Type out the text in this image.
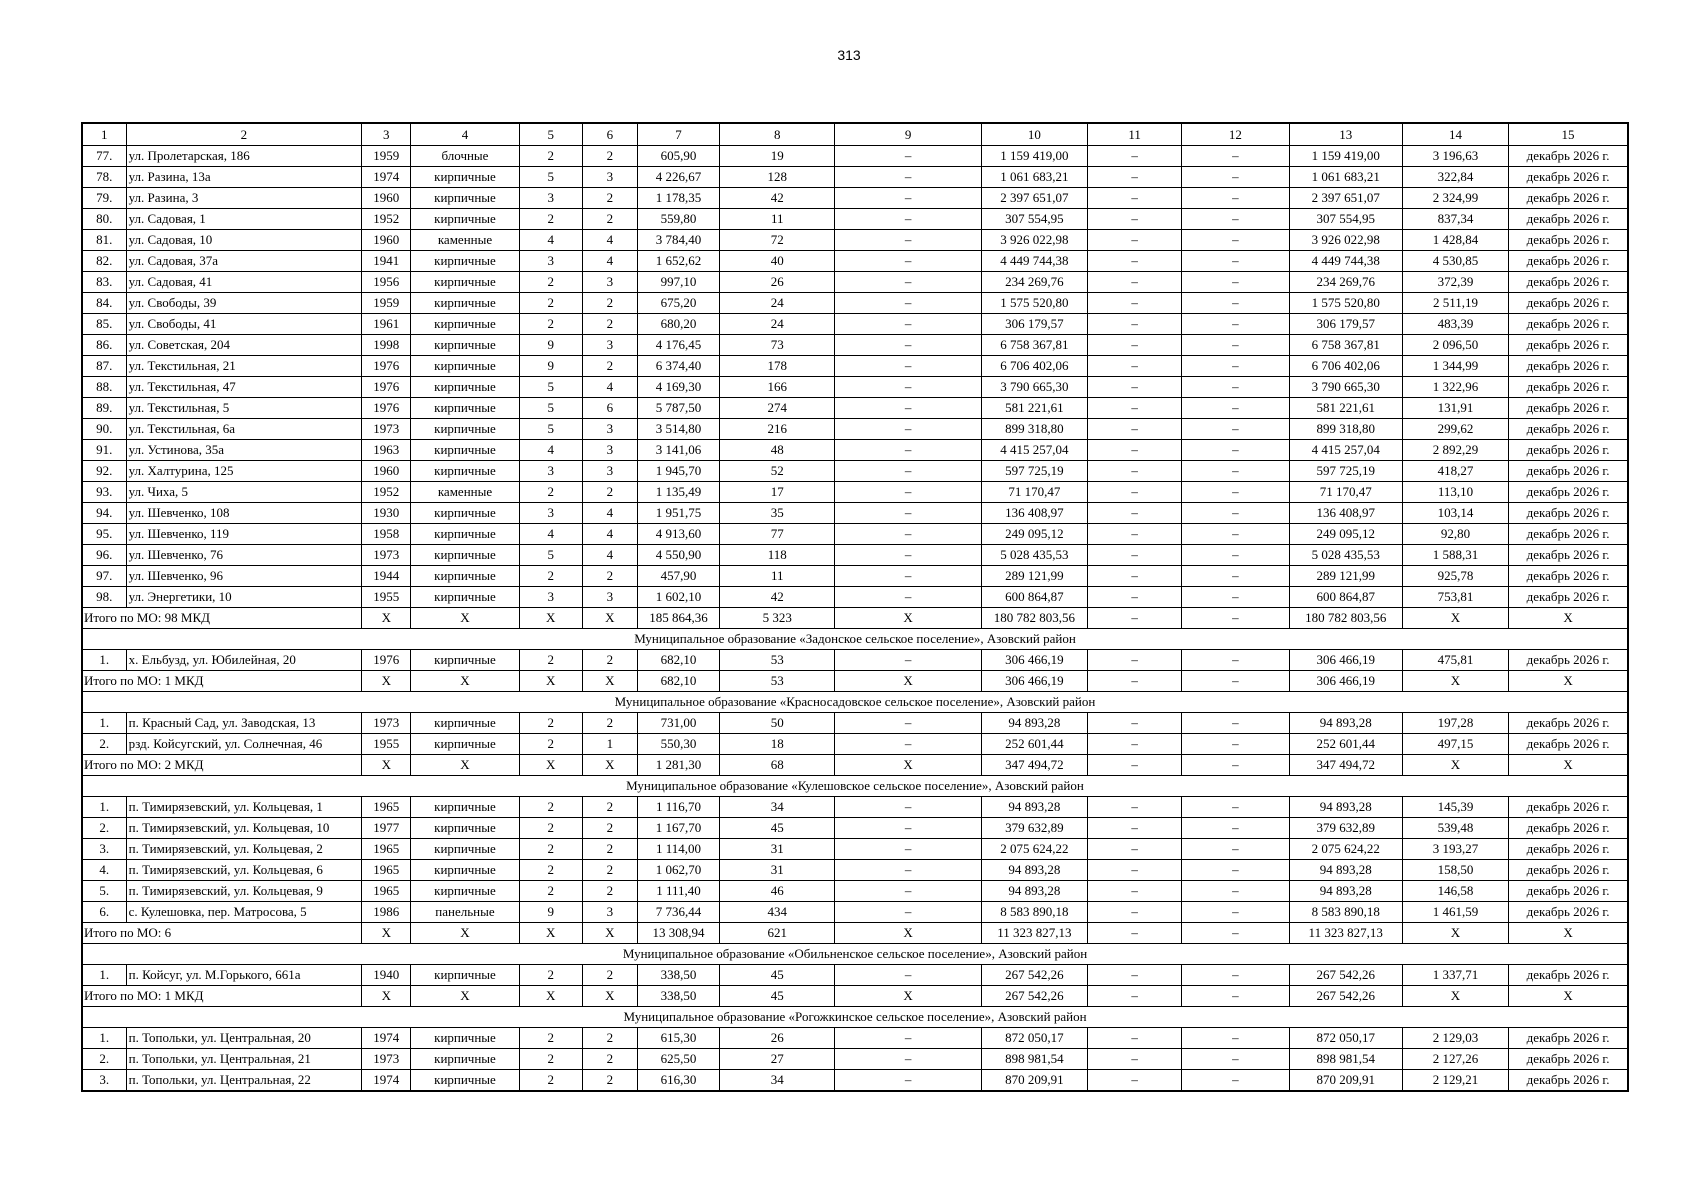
313
1	2	3	4	5	6	7	8	9	10	11	12	13	14	15
77.	ул. Пролетарская, 186	1959	блочные	2	2	605,90	19	–	1 159 419,00	–	–	1 159 419,00	3 196,63	декабрь 2026 г.
78.	ул. Разина, 13а	1974	кирпичные	5	3	4 226,67	128	–	1 061 683,21	–	–	1 061 683,21	322,84	декабрь 2026 г.
79.	ул. Разина, 3	1960	кирпичные	3	2	1 178,35	42	–	2 397 651,07	–	–	2 397 651,07	2 324,99	декабрь 2026 г.
80.	ул. Садовая, 1	1952	кирпичные	2	2	559,80	11	–	307 554,95	–	–	307 554,95	837,34	декабрь 2026 г.
81.	ул. Садовая, 10	1960	каменные	4	4	3 784,40	72	–	3 926 022,98	–	–	3 926 022,98	1 428,84	декабрь 2026 г.
82.	ул. Садовая, 37а	1941	кирпичные	3	4	1 652,62	40	–	4 449 744,38	–	–	4 449 744,38	4 530,85	декабрь 2026 г.
83.	ул. Садовая, 41	1956	кирпичные	2	3	997,10	26	–	234 269,76	–	–	234 269,76	372,39	декабрь 2026 г.
84.	ул. Свободы, 39	1959	кирпичные	2	2	675,20	24	–	1 575 520,80	–	–	1 575 520,80	2 511,19	декабрь 2026 г.
85.	ул. Свободы, 41	1961	кирпичные	2	2	680,20	24	–	306 179,57	–	–	306 179,57	483,39	декабрь 2026 г.
86.	ул. Советская, 204	1998	кирпичные	9	3	4 176,45	73	–	6 758 367,81	–	–	6 758 367,81	2 096,50	декабрь 2026 г.
87.	ул. Текстильная, 21	1976	кирпичные	9	2	6 374,40	178	–	6 706 402,06	–	–	6 706 402,06	1 344,99	декабрь 2026 г.
88.	ул. Текстильная, 47	1976	кирпичные	5	4	4 169,30	166	–	3 790 665,30	–	–	3 790 665,30	1 322,96	декабрь 2026 г.
89.	ул. Текстильная, 5	1976	кирпичные	5	6	5 787,50	274	–	581 221,61	–	–	581 221,61	131,91	декабрь 2026 г.
90.	ул. Текстильная, 6а	1973	кирпичные	5	3	3 514,80	216	–	899 318,80	–	–	899 318,80	299,62	декабрь 2026 г.
91.	ул. Устинова, 35а	1963	кирпичные	4	3	3 141,06	48	–	4 415 257,04	–	–	4 415 257,04	2 892,29	декабрь 2026 г.
92.	ул. Халтурина, 125	1960	кирпичные	3	3	1 945,70	52	–	597 725,19	–	–	597 725,19	418,27	декабрь 2026 г.
93.	ул. Чиха, 5	1952	каменные	2	2	1 135,49	17	–	71 170,47	–	–	71 170,47	113,10	декабрь 2026 г.
94.	ул. Шевченко, 108	1930	кирпичные	3	4	1 951,75	35	–	136 408,97	–	–	136 408,97	103,14	декабрь 2026 г.
95.	ул. Шевченко, 119	1958	кирпичные	4	4	4 913,60	77	–	249 095,12	–	–	249 095,12	92,80	декабрь 2026 г.
96.	ул. Шевченко, 76	1973	кирпичные	5	4	4 550,90	118	–	5 028 435,53	–	–	5 028 435,53	1 588,31	декабрь 2026 г.
97.	ул. Шевченко, 96	1944	кирпичные	2	2	457,90	11	–	289 121,99	–	–	289 121,99	925,78	декабрь 2026 г.
98.	ул. Энергетики, 10	1955	кирпичные	3	3	1 602,10	42	–	600 864,87	–	–	600 864,87	753,81	декабрь 2026 г.
Итого по МО: 98 МКД		X	X	X	X	185 864,36	5 323	X	180 782 803,56	–	–	180 782 803,56	X	X
Муниципальное образование «Задонское сельское поселение», Азовский район														
1.	х. Ельбузд, ул. Юбилейная, 20	1976	кирпичные	2	2	682,10	53	–	306 466,19	–	–	306 466,19	475,81	декабрь 2026 г.
Итого по МО: 1 МКД		X	X	X	X	682,10	53	X	306 466,19	–	–	306 466,19	X	X
Муниципальное образование «Красносадовское сельское поселение», Азовский район														
1.	п. Красный Сад, ул. Заводская, 13	1973	кирпичные	2	2	731,00	50	–	94 893,28	–	–	94 893,28	197,28	декабрь 2026 г.
2.	рзд. Койсугский, ул. Солнечная, 46	1955	кирпичные	2	1	550,30	18	–	252 601,44	–	–	252 601,44	497,15	декабрь 2026 г.
Итого по МО: 2 МКД		X	X	X	X	1 281,30	68	X	347 494,72	–	–	347 494,72	X	X
Муниципальное образование «Кулешовское сельское поселение», Азовский район														
1.	п. Тимирязевский, ул. Кольцевая, 1	1965	кирпичные	2	2	1 116,70	34	–	94 893,28	–	–	94 893,28	145,39	декабрь 2026 г.
2.	п. Тимирязевский, ул. Кольцевая, 10	1977	кирпичные	2	2	1 167,70	45	–	379 632,89	–	–	379 632,89	539,48	декабрь 2026 г.
3.	п. Тимирязевский, ул. Кольцевая, 2	1965	кирпичные	2	2	1 114,00	31	–	2 075 624,22	–	–	2 075 624,22	3 193,27	декабрь 2026 г.
4.	п. Тимирязевский, ул. Кольцевая, 6	1965	кирпичные	2	2	1 062,70	31	–	94 893,28	–	–	94 893,28	158,50	декабрь 2026 г.
5.	п. Тимирязевский, ул. Кольцевая, 9	1965	кирпичные	2	2	1 111,40	46	–	94 893,28	–	–	94 893,28	146,58	декабрь 2026 г.
6.	с. Кулешовка, пер. Матросова, 5	1986	панельные	9	3	7 736,44	434	–	8 583 890,18	–	–	8 583 890,18	1 461,59	декабрь 2026 г.
Итого по МО: 6		X	X	X	X	13 308,94	621	X	11 323 827,13	–	–	11 323 827,13	X	X
Муниципальное образование «Обильненское сельское поселение», Азовский район														
1.	п. Койсуг, ул. М.Горького, 661а	1940	кирпичные	2	2	338,50	45	–	267 542,26	–	–	267 542,26	1 337,71	декабрь 2026 г.
Итого по МО: 1 МКД		X	X	X	X	338,50	45	X	267 542,26	–	–	267 542,26	X	X
Муниципальное образование «Рогожкинское сельское поселение», Азовский район														
1.	п. Топольки, ул. Центральная, 20	1974	кирпичные	2	2	615,30	26	–	872 050,17	–	–	872 050,17	2 129,03	декабрь 2026 г.
2.	п. Топольки, ул. Центральная, 21	1973	кирпичные	2	2	625,50	27	–	898 981,54	–	–	898 981,54	2 127,26	декабрь 2026 г.
3.	п. Топольки, ул. Центральная, 22	1974	кирпичные	2	2	616,30	34	–	870 209,91	–	–	870 209,91	2 129,21	декабрь 2026 г.
